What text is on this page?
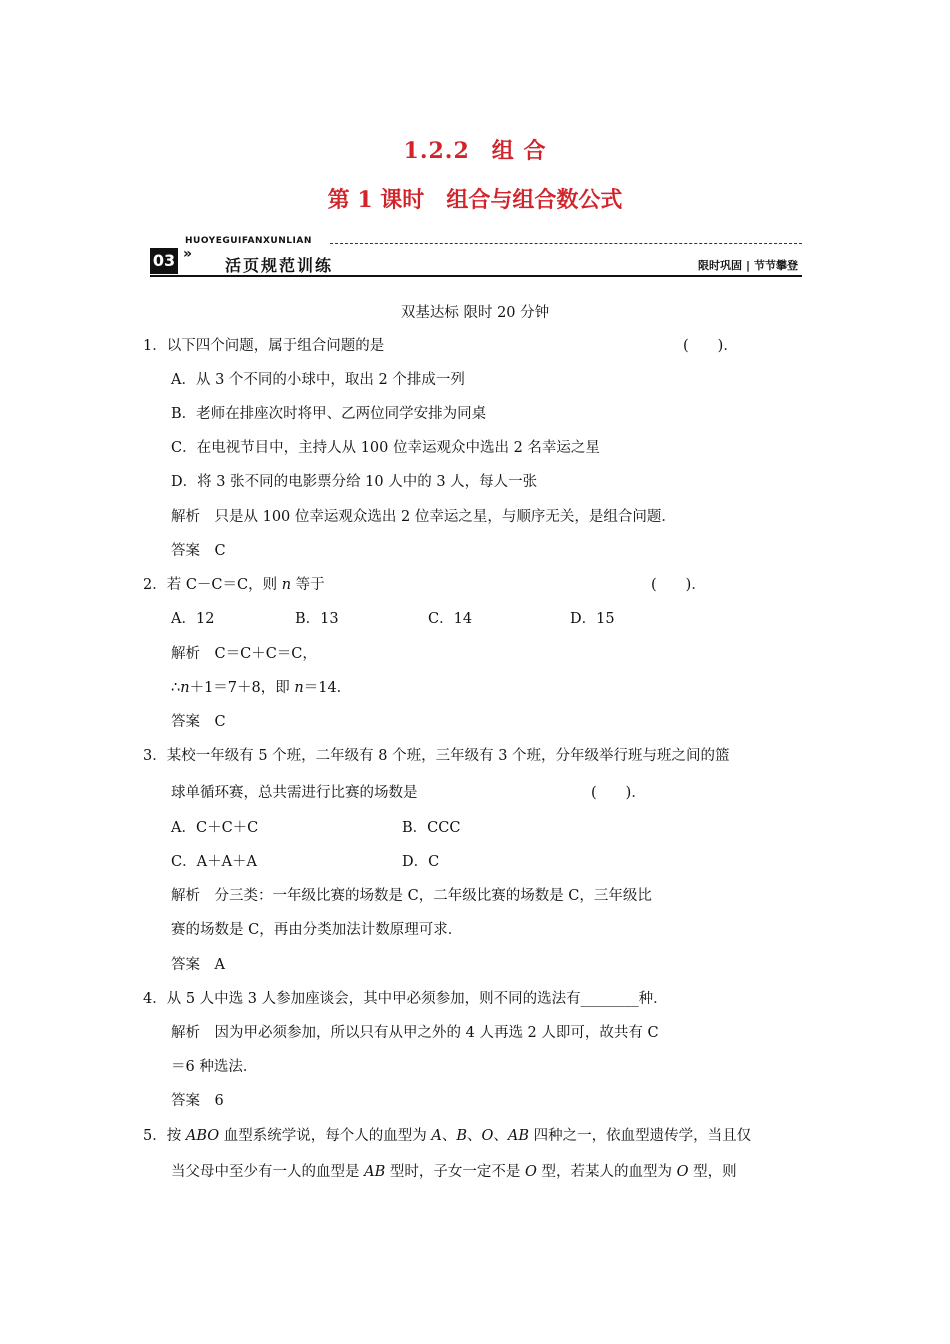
1.2.2 组 合
第 1 课时 组合与组合数公式
HUOYEGUIFANXUNLIAN
03 »
活页规范训练	限时巩固 | 节节攀登
双基达标 限时 20 分钟
1．以下四个问题，属于组合问题的是	(　　)．
A．从 3 个不同的小球中，取出 2 个排成一列
B．老师在排座次时将甲、乙两位同学安排为同桌
C．在电视节目中，主持人从 100 位幸运观众中选出 2 名幸运之星
D．将 3 张不同的电影票分给 10 人中的 3 人，每人一张
解析　只是从 100 位幸运观众选出 2 位幸运之星，与顺序无关，是组合问题．
答案　C
2．若 C－C＝C，则 n 等于	(　　)．
A．12	B．13	C．14	D．15
解析　C＝C＋C＝C，
∴n＋1＝7＋8，即 n＝14．
答案　C
3．某校一年级有 5 个班，二年级有 8 个班，三年级有 3 个班，分年级举行班与班之间的篮
球单循环赛，总共需进行比赛的场数是	(　　)．
A．C＋C＋C	B．CCC
C．A＋A＋A	D．C
解析　分三类：一年级比赛的场数是 C，二年级比赛的场数是 C，三年级比
赛的场数是 C，再由分类加法计数原理可求．
答案　A
4．从 5 人中选 3 人参加座谈会，其中甲必须参加，则不同的选法有________种．
解析　因为甲必须参加，所以只有从甲之外的 4 人再选 2 人即可，故共有 C
＝6 种选法．
答案　6
5．按 ABO 血型系统学说，每个人的血型为 A、B、O、AB 四种之一，依血型遗传学，当且仅
当父母中至少有一人的血型是 AB 型时，子女一定不是 O 型，若某人的血型为 O 型，则
